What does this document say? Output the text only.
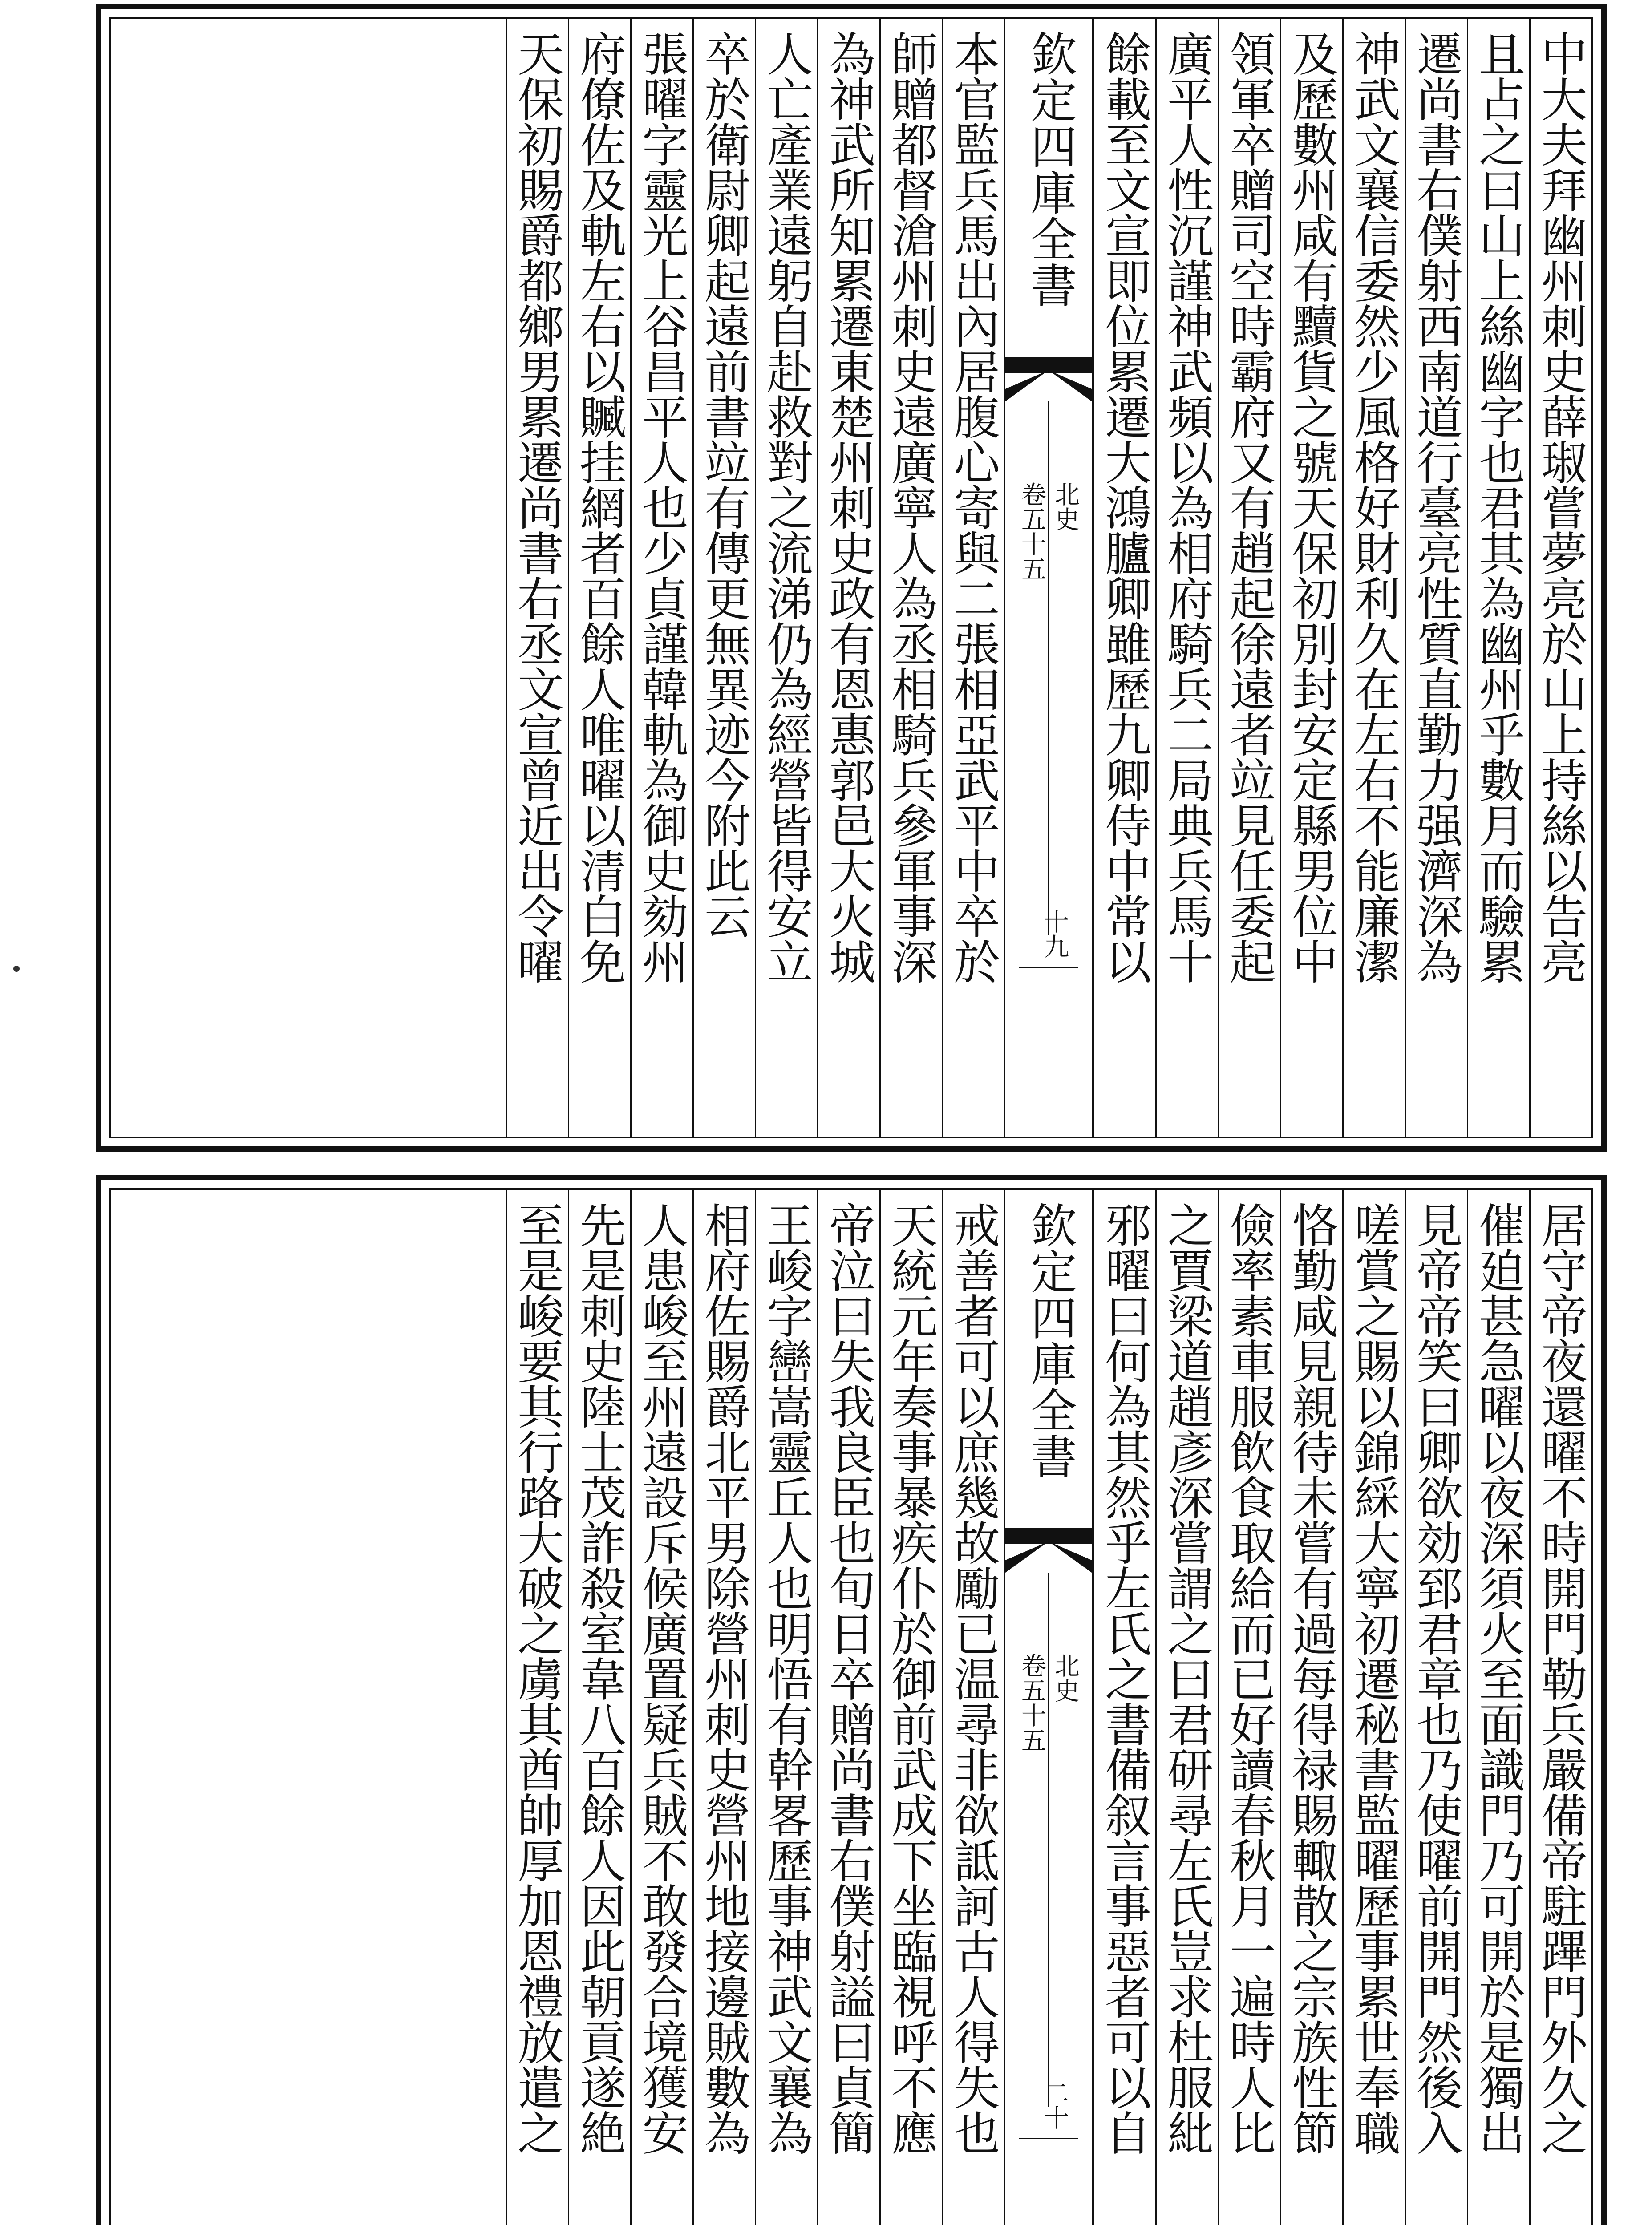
中大夫拜幽州刺史薛琡嘗夢亮於山上持絲以告亮
且占之曰山上絲幽字也君其為幽州乎數月而驗累
遷尚書右僕射西南道行臺亮性質直勤力强濟深為
神武文襄信委然少風格好財利久在左右不能廉潔
及歷數州咸有黷貨之號天保初別封安定縣男位中
領軍卒贈司空時霸府又有趙起徐遠者竝見任委起
廣平人性沉謹神武頻以為相府騎兵二局典兵馬十
餘載至文宣即位累遷大鴻臚卿雖歷九卿侍中常以
欽定四庫全書
北史
卷五十五
十九
本官監兵馬出內居腹心寄與二張相亞武平中卒於
師贈都督滄州刺史遠廣寧人為丞相騎兵參軍事深
為神武所知累遷東楚州刺史政有恩惠郭邑大火城
人亡產業遠躬自赴救對之流涕仍為經營皆得安立
卒於衛尉卿起遠前書竝有傳更無異迹今附此云
張曜字靈光上谷昌平人也少貞謹韓軌為御史劾州
府僚佐及軌左右以贓挂網者百餘人唯曜以清白免
天保初賜爵都鄉男累遷尚書右丞文宣曾近出令曜
居守帝夜還曜不時開門勒兵嚴備帝駐蹕門外久之
催廹甚急曜以夜深須火至面識門乃可開於是獨出
見帝帝笑曰卿欲効郅君章也乃使曜前開門然後入
嗟賞之賜以錦綵大寧初遷秘書監曜歷事累世奉職
恪勤咸見親待未嘗有過每得禄賜輙散之宗族性節
儉率素車服飲食取給而已好讀春秋月一遍時人比
之賈梁道趙彥深嘗謂之曰君研尋左氏豈求杜服紕
邪曜曰何為其然乎左氏之書備叙言事惡者可以自
欽定四庫全書
北史
卷五十五
二十
戒善者可以庶幾故勵已温尋非欲詆訶古人得失也
天統元年奏事暴疾仆於御前武成下坐臨視呼不應
帝泣曰失我良臣也旬日卒贈尚書右僕射謚曰貞簡
王峻字巒嵩靈丘人也明悟有幹畧歷事神武文襄為
相府佐賜爵北平男除營州刺史營州地接邊賊數為
人患峻至州遠設斥候廣置疑兵賊不敢發合境獲安
先是刺史陸士茂詐殺室韋八百餘人因此朝貢遂絶
至是峻要其行路大破之虜其酋帥厚加恩禮放遣之
